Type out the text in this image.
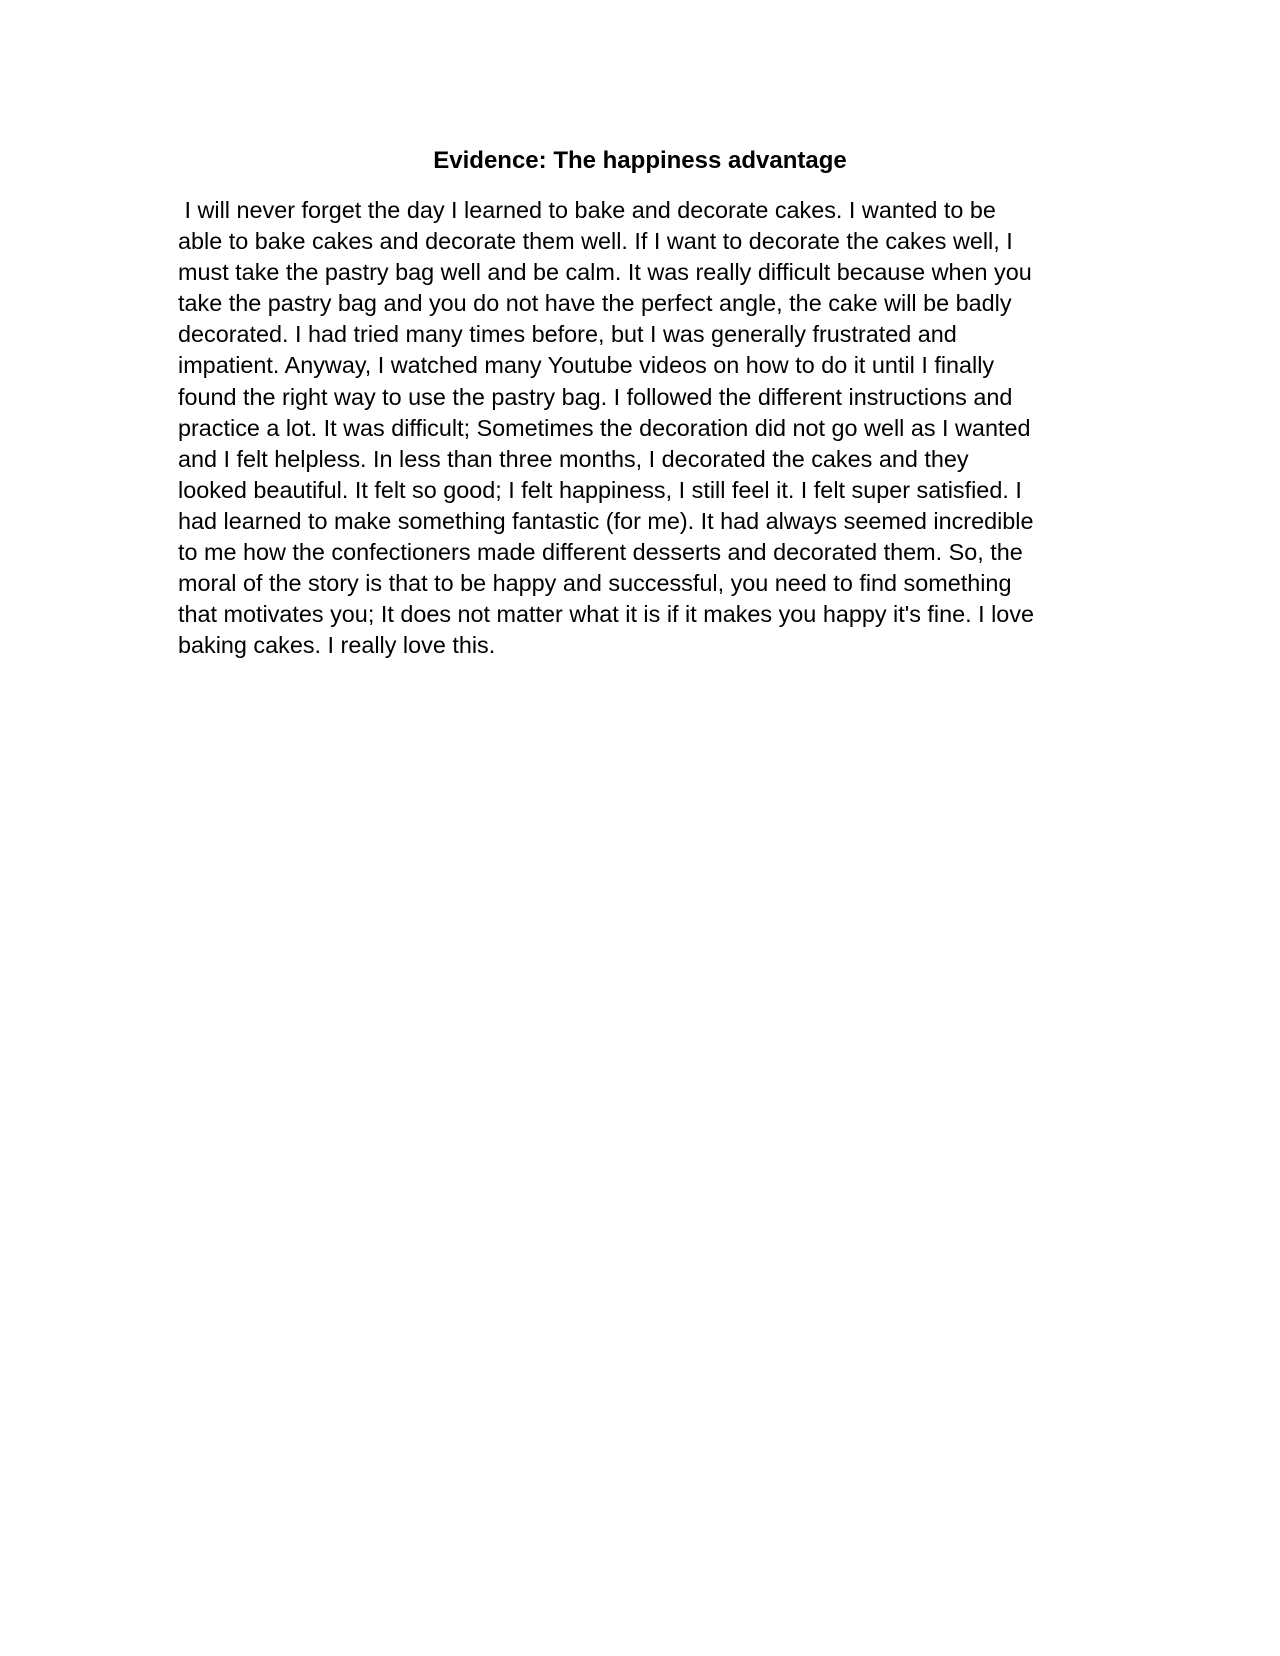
Evidence: The happiness advantage
I will never forget the day I learned to bake and decorate cakes. I wanted to be
able to bake cakes and decorate them well. If I want to decorate the cakes well, I
must take the pastry bag well and be calm. It was really difficult because when you
take the pastry bag and you do not have the perfect angle, the cake will be badly
decorated. I had tried many times before, but I was generally frustrated and
impatient. Anyway, I watched many Youtube videos on how to do it until I finally
found the right way to use the pastry bag. I followed the different instructions and
practice a lot. It was difficult; Sometimes the decoration did not go well as I wanted
and I felt helpless. In less than three months, I decorated the cakes and they
looked beautiful. It felt so good; I felt happiness, I still feel it. I felt super satisfied. I
had learned to make something fantastic (for me). It had always seemed incredible
to me how the confectioners made different desserts and decorated them. So, the
moral of the story is that to be happy and successful, you need to find something
that motivates you; It does not matter what it is if it makes you happy it's fine. I love
baking cakes. I really love this.
